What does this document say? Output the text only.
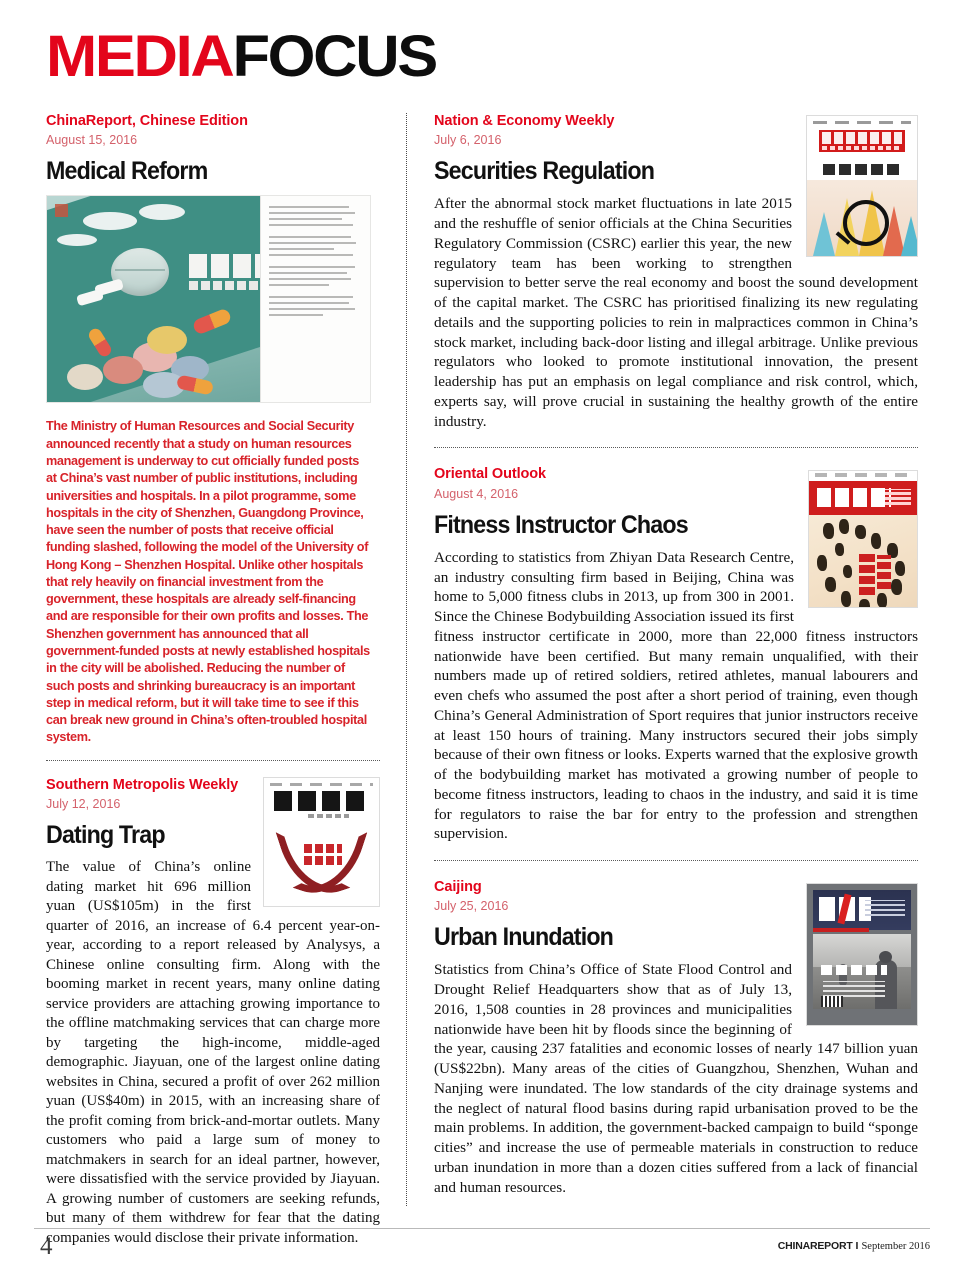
MEDIAFOCUS
ChinaReport, Chinese Edition
August 15, 2016
Medical Reform
The Ministry of Human Resources and Social Security announced recently that a study on human resources management is underway to cut officially funded posts at China’s vast number of public institutions, including universities and hospitals. In a pilot programme, some hospitals in the city of Shenzhen, Guangdong Province, have seen the number of posts that receive official funding slashed, following the model of the University of Hong Kong – Shenzhen Hospital. Unlike other hospitals that rely heavily on financial investment from the government, these hospitals are already self-financing and are responsible for their own profits and losses. The Shenzhen government has announced that all government-funded posts at newly established hospitals in the city will be abolished. Reducing the number of such posts and shrinking bureaucracy is an important step in medical reform, but it will take time to see if this can break new ground in China’s often-troubled hospital system.
Southern Metropolis Weekly
July 12, 2016
Dating Trap
The value of China’s online dating market hit 696 million yuan (US$105m) in the first quarter of 2016, an increase of 6.4 percent year-on-year, according to a report released by Analysys, a Chinese online consulting firm. Along with the booming market in recent years, many online dating service providers are attaching growing importance to the offline matchmaking services that can charge more by targeting the high-income, middle-aged demographic. Jiayuan, one of the largest online dating websites in China, secured a profit of over 262 million yuan (US$40m) in 2015, with an increasing share of the profit coming from brick-and-mortar outlets. Many customers who paid a large sum of money to matchmakers in search for an ideal partner, however, were dissatisfied with the service provided by Jiayuan. A growing number of customers are seeking refunds, but many of them withdrew for fear that the dating companies would disclose their private information.
Nation & Economy Weekly
July 6, 2016
Securities Regulation
After the abnormal stock market fluctuations in late 2015 and the reshuffle of senior officials at the China Securities Regulatory Commission (CSRC) earlier this year, the new regulatory team has been working to strengthen supervision to better serve the real economy and boost the sound development of the capital market. The CSRC has prioritised finalizing its new regulating details and the supporting policies to rein in malpractices common in China’s stock market, including back-door listing and illegal arbitrage. Unlike previous regulators who looked to promote institutional innovation, the present leadership has put an emphasis on legal compliance and risk control, which, experts say, will prove crucial in sustaining the healthy growth of the entire industry.
Oriental Outlook
August 4, 2016
Fitness Instructor Chaos
According to statistics from Zhiyan Data Research Centre, an industry consulting firm based in Beijing, China was home to 5,000 fitness clubs in 2013, up from 300 in 2001. Since the Chinese Bodybuilding Association issued its first fitness instructor certificate in 2000, more than 22,000 fitness instructors nationwide have been certified. But many remain unqualified, with their numbers made up of retired soldiers, retired athletes, manual labourers and even chefs who assumed the post after a short period of training, even though China’s General Administration of Sport requires that junior instructors receive at least 150 hours of training. Many instructors secured their jobs simply because of their own fitness or looks. Experts warned that the explosive growth of the bodybuilding market has motivated a growing number of people to become fitness instructors, leading to chaos in the industry, and said it is time for regulators to raise the bar for entry to the profession and strengthen supervision.
Caijing
July 25, 2016
Urban Inundation
Statistics from China’s Office of State Flood Control and Drought Relief Headquarters show that as of July 13, 2016, 1,508 counties in 28 provinces and municipalities nationwide have been hit by floods since the beginning of the year, causing 237 fatalities and economic losses of nearly 147 billion yuan (US$22bn). Many areas of the cities of Guangzhou, Shenzhen, Wuhan and Nanjing were inundated. The low standards of the city drainage systems and the neglect of natural flood basins during rapid urbanisation proved to be the main problems. In addition, the government-backed campaign to build “sponge cities” and increase the use of permeable materials in construction to reduce urban inundation in more than a dozen cities suffered from a lack of financial and human resources.
4	CHINAREPORT I September 2016
